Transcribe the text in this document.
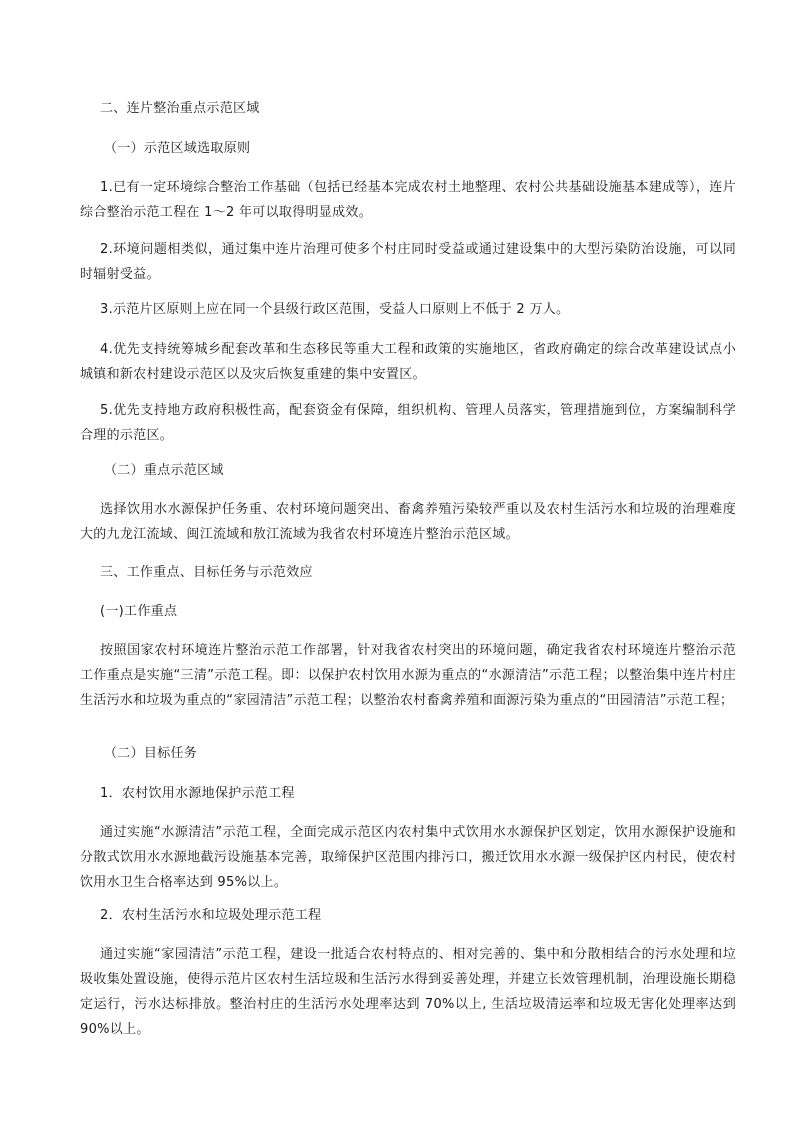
二、连片整治重点示范区域

（一）示范区域选取原则

1.已有一定环境综合整治工作基础（包括已经基本完成农村土地整理、农村公共基础设施基本建成等），连片综合整治示范工程在 1～2 年可以取得明显成效。

2.环境问题相类似，通过集中连片治理可使多个村庄同时受益或通过建设集中的大型污染防治设施，可以同时辐射受益。

3.示范片区原则上应在同一个县级行政区范围，受益人口原则上不低于 2 万人。

4.优先支持统筹城乡配套改革和生态移民等重大工程和政策的实施地区，省政府确定的综合改革建设试点小城镇和新农村建设示范区以及灾后恢复重建的集中安置区。

5.优先支持地方政府积极性高，配套资金有保障，组织机构、管理人员落实，管理措施到位，方案编制科学合理的示范区。

（二）重点示范区域

选择饮用水水源保护任务重、农村环境问题突出、畜禽养殖污染较严重以及农村生活污水和垃圾的治理难度大的九龙江流域、闽江流域和敖江流域为我省农村环境连片整治示范区域。

三、工作重点、目标任务与示范效应

(一)工作重点

按照国家农村环境连片整治示范工作部署，针对我省农村突出的环境问题，确定我省农村环境连片整治示范工作重点是实施“三清”示范工程。即：以保护农村饮用水源为重点的“水源清洁”示范工程；以整治集中连片村庄生活污水和垃圾为重点的“家园清洁”示范工程；以整治农村畜禽养殖和面源污染为重点的“田园清洁”示范工程；

（二）目标任务

1．农村饮用水源地保护示范工程

通过实施“水源清洁”示范工程，全面完成示范区内农村集中式饮用水水源保护区划定，饮用水源保护设施和分散式饮用水水源地截污设施基本完善，取缔保护区范围内排污口，搬迁饮用水水源一级保护区内村民，使农村饮用水卫生合格率达到 95%以上。

2．农村生活污水和垃圾处理示范工程

通过实施“家园清洁”示范工程，建设一批适合农村特点的、相对完善的、集中和分散相结合的污水处理和垃圾收集处置设施，使得示范片区农村生活垃圾和生活污水得到妥善处理，并建立长效管理机制，治理设施长期稳定运行，污水达标排放。整治村庄的生活污水处理率达到 70%以上, 生活垃圾清运率和垃圾无害化处理率达到 90%以上。
